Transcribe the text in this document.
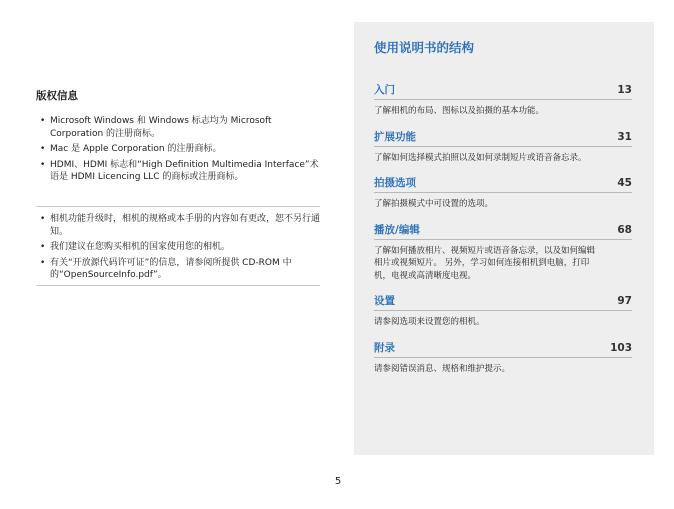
版权信息
• Microsoft Windows 和 Windows 标志均为 Microsoft Corporation 的注册商标。
• Mac 是 Apple Corporation 的注册商标。
• HDMI、HDMI 标志和“High Definition Multimedia Interface”术语是 HDMI Licencing LLC 的商标或注册商标。
• 相机功能升级时，相机的规格或本手册的内容如有更改，恕不另行通知。
• 我们建议在您购买相机的国家使用您的相机。
• 有关“开放源代码许可证”的信息，请参阅所提供 CD-ROM 中的“OpenSourceInfo.pdf”。
使用说明书的结构
入门	13

了解相机的布局、图标以及拍摄的基本功能。

扩展功能	31

了解如何选择模式拍照以及如何录制短片或语音备忘录。

拍摄选项	45

了解拍摄模式中可设置的选项。

播放/编辑	68

了解如何播放相片、视频短片或语音备忘录，以及如何编辑相片或视频短片。 另外，学习如何连接相机到电脑，打印机，电视或高清晰度电视。

设置	97

请参阅选项来设置您的相机。

附录	103

请参阅错误消息、规格和维护提示。

5
